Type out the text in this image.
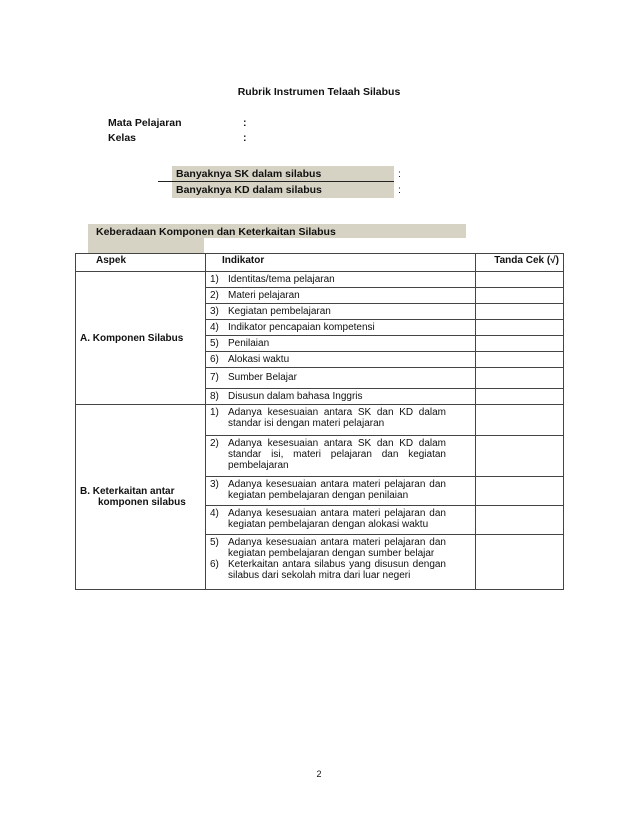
Rubrik Instrumen Telaah Silabus
Mata Pelajaran	:
Kelas	:
Banyaknya SK dalam silabus	:
Banyaknya KD dalam silabus	:
Keberadaan Komponen dan Keterkaitan Silabus
Aspek	Indikator	Tanda Cek (√)
A. Komponen Silabus	1) Identitas/tema pelajaran	
	2) Materi pelajaran	
	3) Kegiatan pembelajaran	
	4) Indikator pencapaian kompetensi	
	5) Penilaian	
	6) Alokasi waktu	
	7) Sumber Belajar	
	8) Disusun dalam bahasa Inggris	

B. Keterkaitan antar
komponen silabus	1) Adanya kesesuaian antara SK dan KD dalam standar isi dengan materi pelajaran	
	2) Adanya kesesuaian antara SK dan KD dalam standar isi, materi pelajaran dan kegiatan pembelajaran	
	3) Adanya kesesuaian antara materi pelajaran dan kegiatan pembelajaran dengan penilaian	
	4) Adanya kesesuaian antara materi pelajaran dan kegiatan pembelajaran dengan alokasi waktu	

	5) Adanya kesesuaian antara materi pelajaran dan kegiatan pembelajaran dengan sumber belajar
6) Keterkaitan antara silabus yang disusun dengan silabus dari sekolah mitra dari luar negeri	

2
